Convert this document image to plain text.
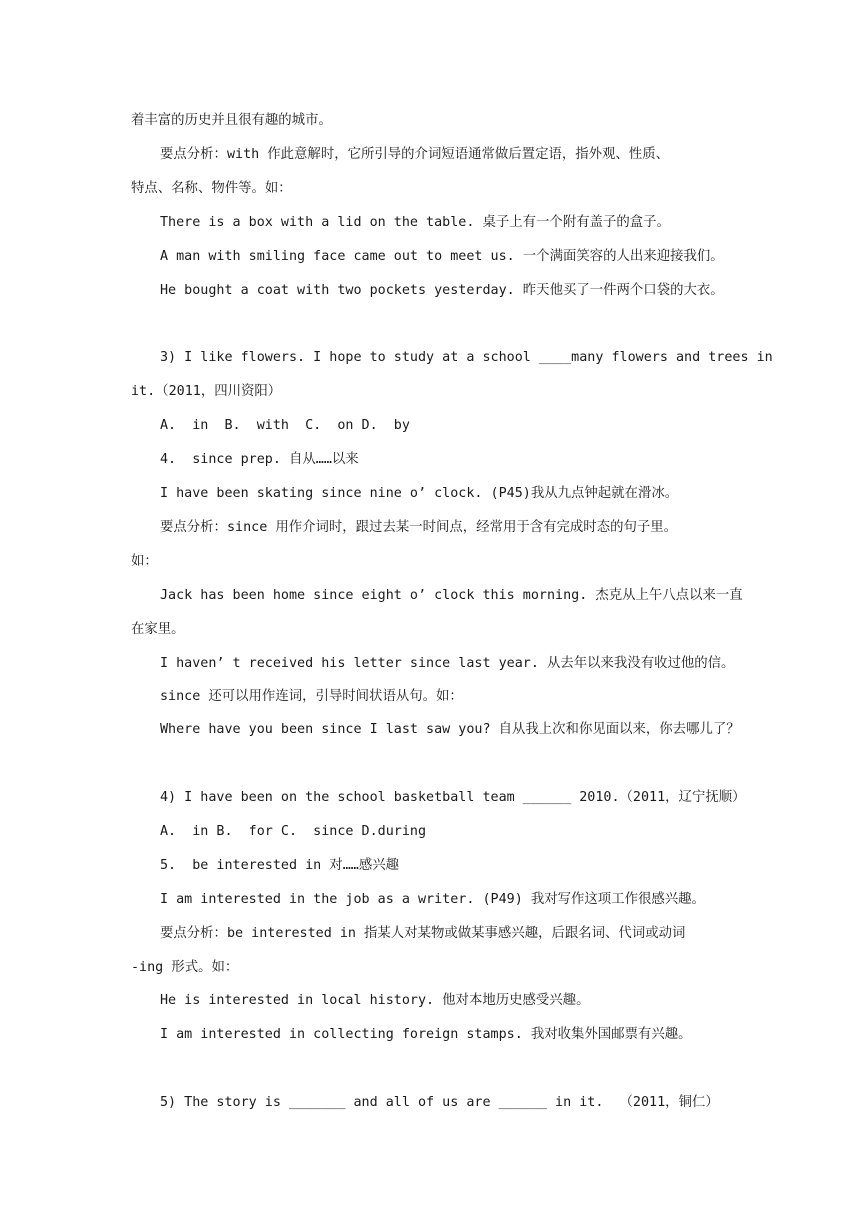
着丰富的历史并且很有趣的城市。
要点分析：with 作此意解时，它所引导的介词短语通常做后置定语，指外观、性质、
特点、名称、物件等。如：
There is a box with a lid on the table. 桌子上有一个附有盖子的盒子。
A man with smiling face came out to meet us. 一个满面笑容的人出来迎接我们。
He bought a coat with two pockets yesterday. 昨天他买了一件两个口袋的大衣。
3) I like flowers. I hope to study at a school ____many flowers and trees in
it.（2011，四川资阳）
A.  in  B.  with  C.  on D.  by
4.  since prep. 自从……以来
I have been skating since nine o’ clock. (P45)我从九点钟起就在滑冰。
要点分析：since 用作介词时，跟过去某一时间点，经常用于含有完成时态的句子里。
如：
Jack has been home since eight o’ clock this morning. 杰克从上午八点以来一直
在家里。
I haven’ t received his letter since last year. 从去年以来我没有收过他的信。
since 还可以用作连词，引导时间状语从句。如：
Where have you been since I last saw you? 自从我上次和你见面以来，你去哪儿了？
4) I have been on the school basketball team ______ 2010.（2011，辽宁抚顺）
A.  in B.  for C.  since D.during
5.  be interested in 对……感兴趣
I am interested in the job as a writer. (P49) 我对写作这项工作很感兴趣。
要点分析：be interested in 指某人对某物或做某事感兴趣，后跟名词、代词或动词
-ing 形式。如：
He is interested in local history. 他对本地历史感受兴趣。
I am interested in collecting foreign stamps. 我对收集外国邮票有兴趣。
5) The story is _______ and all of us are ______ in it.  （2011，铜仁）
